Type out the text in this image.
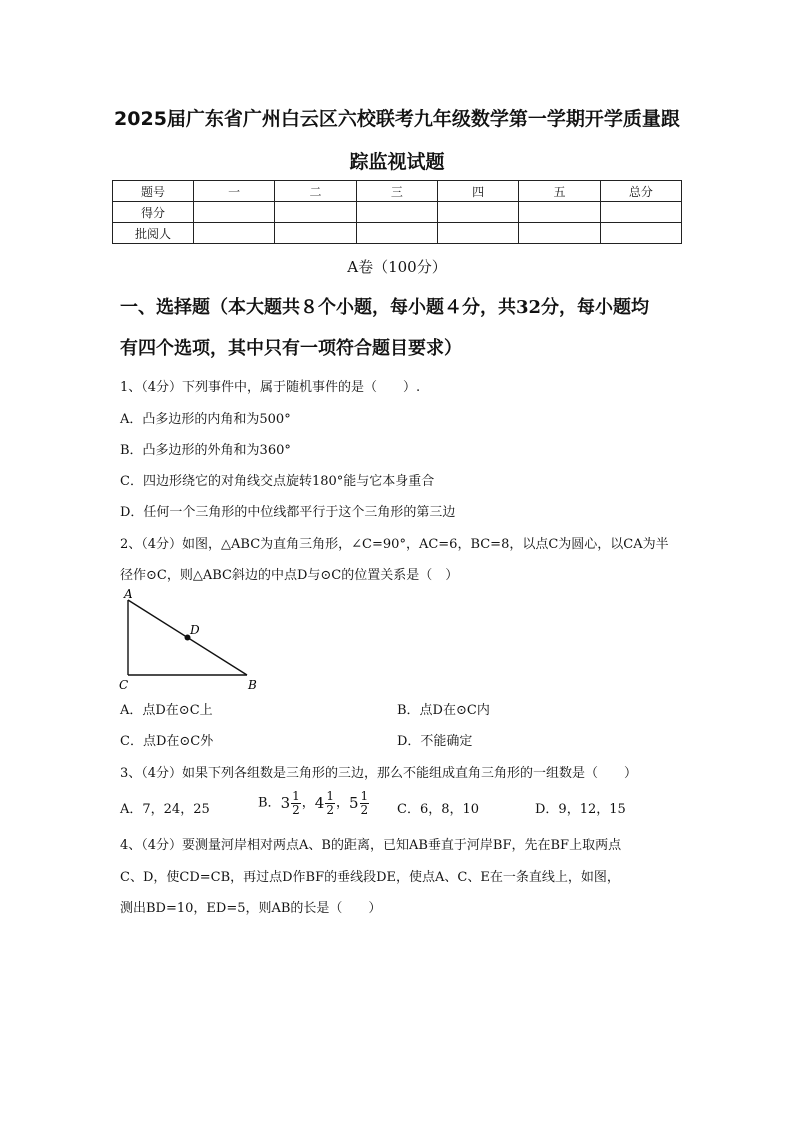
2025届广东省广州白云区六校联考九年级数学第一学期开学质量跟
踪监视试题
题号	一	二	三	四	五	总分
得分						
批阅人						
A卷（100分）
一、选择题（本大题共８个小题，每小题４分，共32分，每小题均
有四个选项，其中只有一项符合题目要求）
1、（4分）下列事件中，属于随机事件的是（　　）.
A．凸多边形的内角和为500°
B．凸多边形的外角和为360°
C．四边形绕它的对角线交点旋转180°能与它本身重合
D．任何一个三角形的中位线都平行于这个三角形的第三边
2、（4分）如图，△ABC为直角三角形，∠C=90°，AC=6，BC=8，以点C为圆心，以CA为半
径作⊙C，则△ABC斜边的中点D与⊙C的位置关系是（　）
A
D
C	B
A．点D在⊙C上	B．点D在⊙C内
C．点D在⊙C外	D．不能确定
3、（4分）如果下列各组数是三角形的三边，那么不能组成直角三角形的一组数是（　　）
A．7，24，25	B．$3 \frac{1}{2}$ ，$4 \frac{1}{2}$ ，$5 \frac{1}{2}$ C．6，8，10	D．9，12，15
4、（4分）要测量河岸相对两点A、B的距离，已知AB垂直于河岸BF，先在BF上取两点
C、D，使CD=CB，再过点D作BF的垂线段DE，使点A、C、E在一条直线上，如图，
测出BD=10，ED=5，则AB的长是（　　）
